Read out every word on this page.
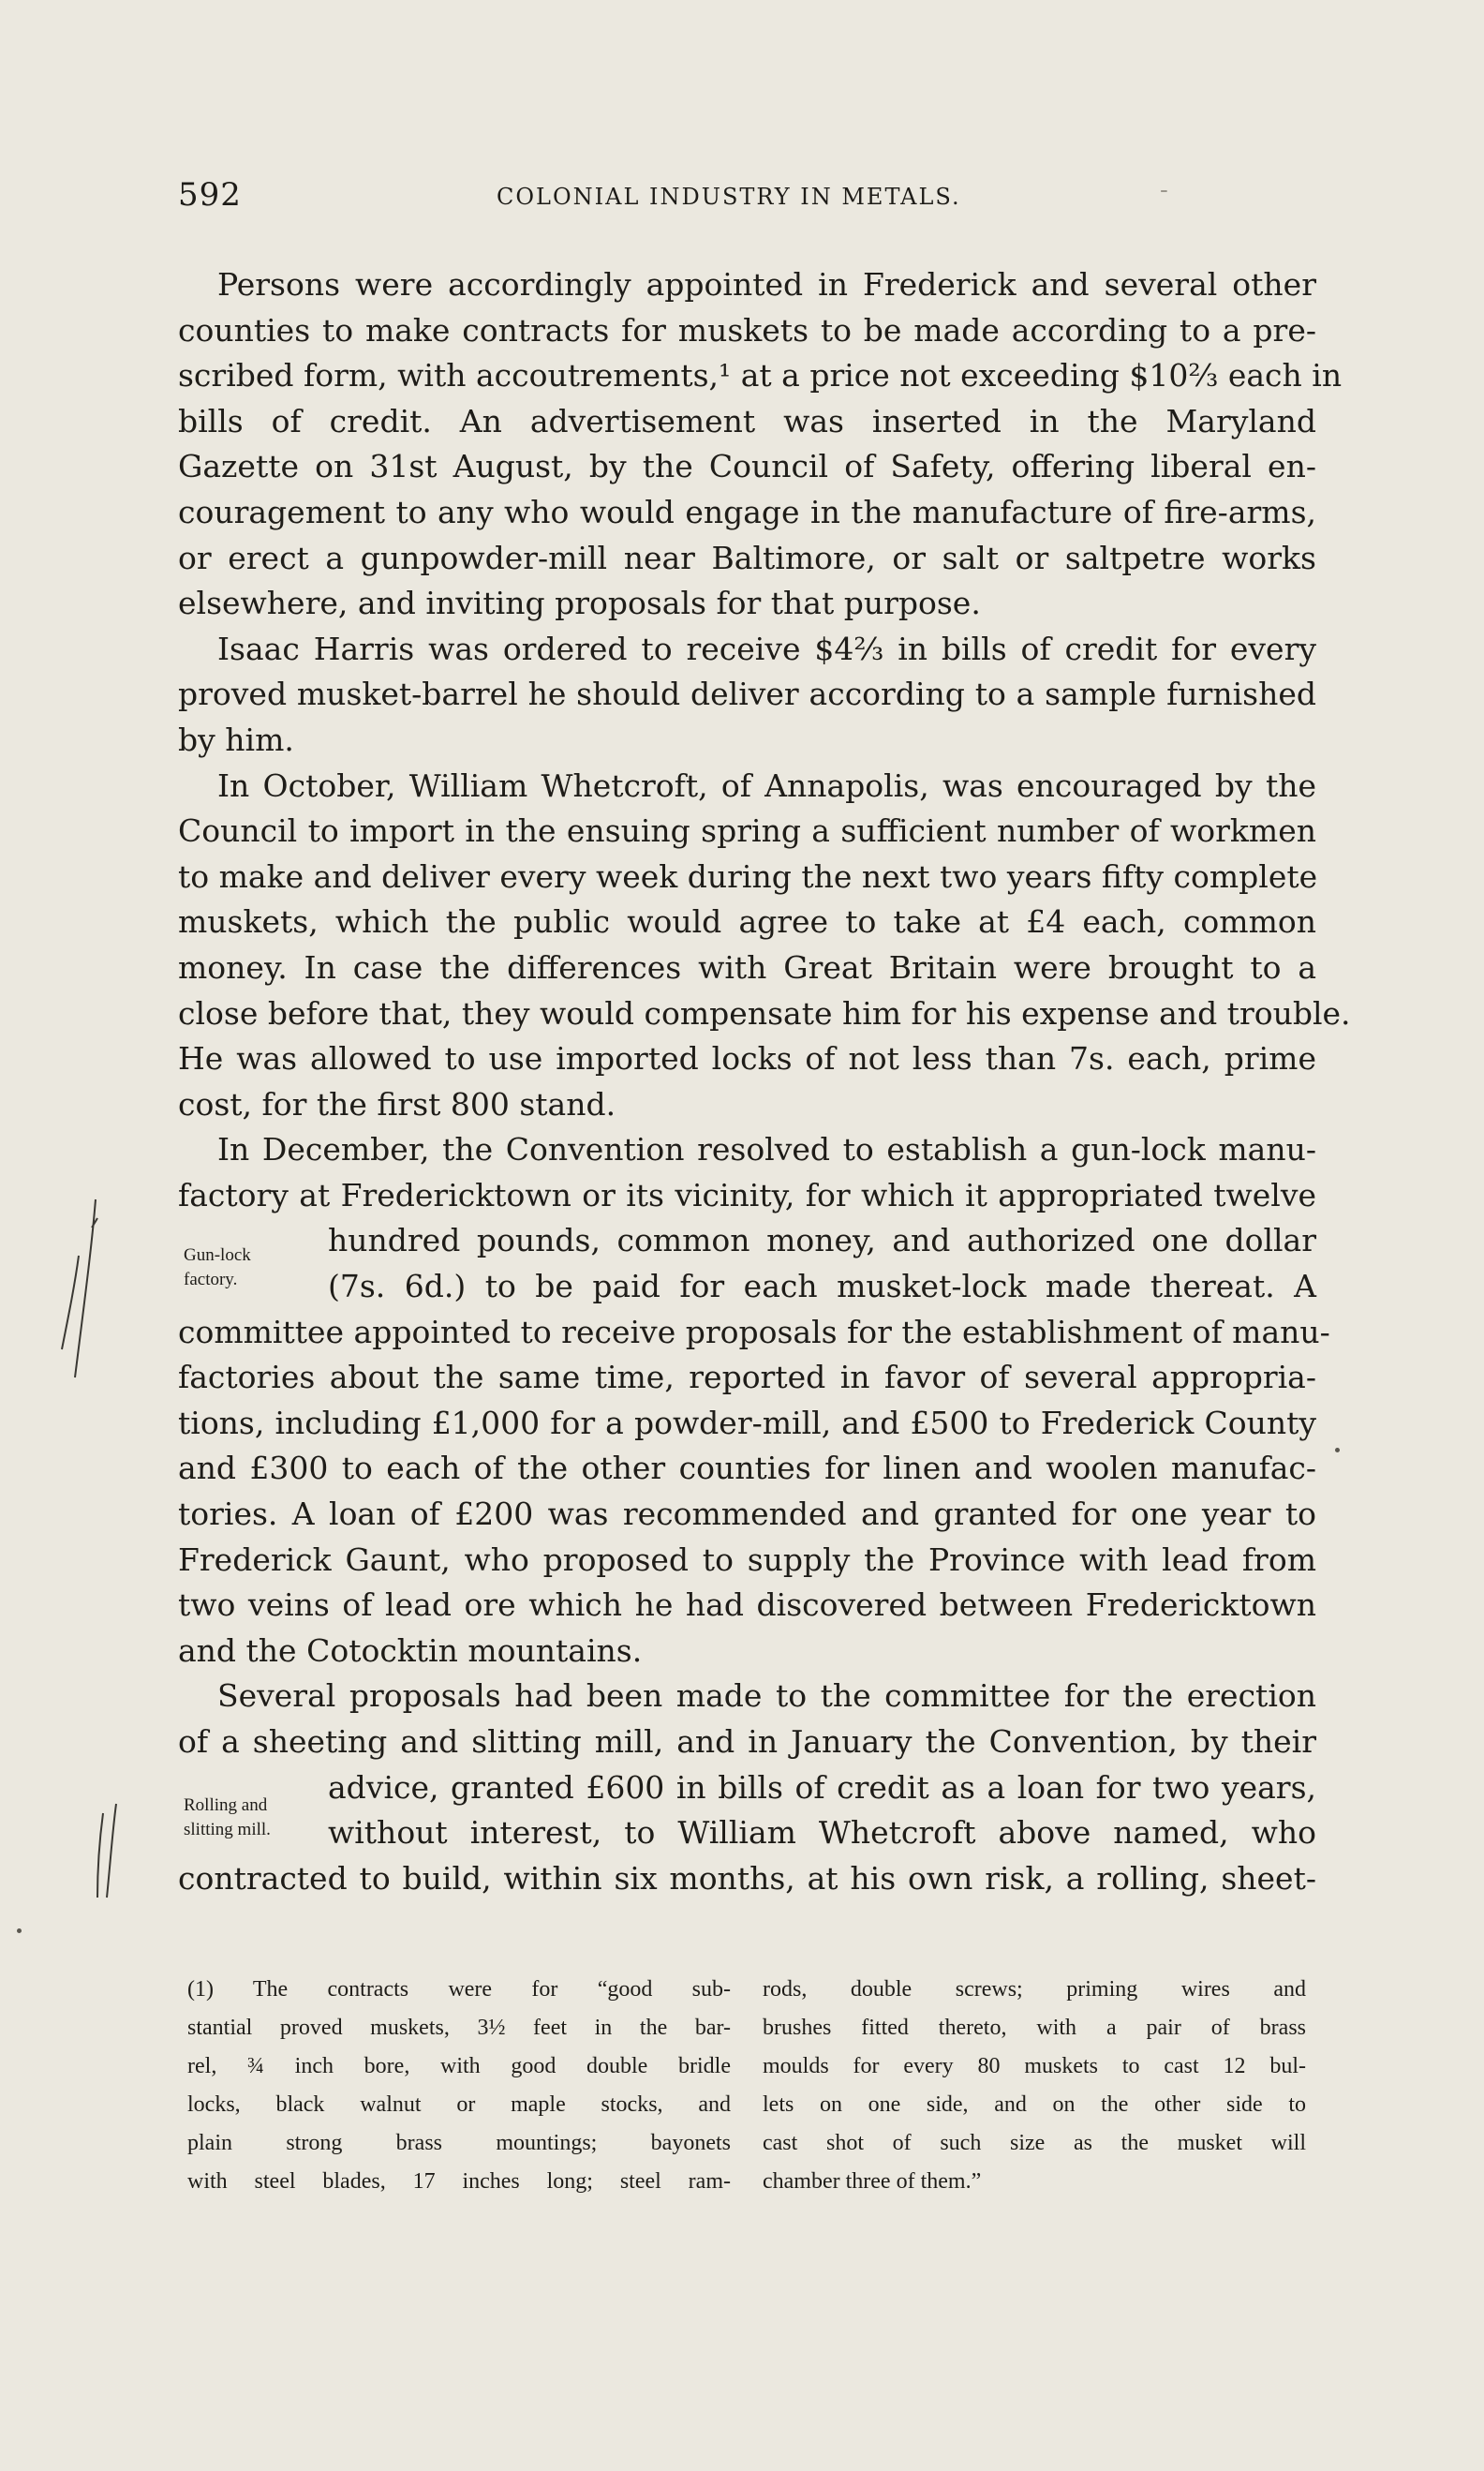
592	COLONIAL INDUSTRY IN METALS.	-
Persons were accordingly appointed in Frederick and several other
counties to make contracts for muskets to be made according to a pre-
scribed form, with accoutrements,¹ at a price not exceeding $10⅔ each in
bills of credit. An advertisement was inserted in the Maryland
Gazette on 31st August, by the Council of Safety, offering liberal en-
couragement to any who would engage in the manufacture of fire-arms,
or erect a gunpowder-mill near Baltimore, or salt or saltpetre works
elsewhere, and inviting proposals for that purpose.
Isaac Harris was ordered to receive $4⅔ in bills of credit for every
proved musket-barrel he should deliver according to a sample furnished
by him.
In October, William Whetcroft, of Annapolis, was encouraged by the
Council to import in the ensuing spring a sufficient number of workmen
to make and deliver every week during the next two years fifty complete
muskets, which the public would agree to take at £4 each, common
money. In case the differences with Great Britain were brought to a
close before that, they would compensate him for his expense and trouble.
He was allowed to use imported locks of not less than 7s. each, prime
cost, for the first 800 stand.
In December, the Convention resolved to establish a gun-lock manu-
factory at Fredericktown or its vicinity, for which it appropriated twelve
hundred pounds, common money, and authorized one dollar
(7s. 6d.) to be paid for each musket-lock made thereat. A
committee appointed to receive proposals for the establishment of manu-
factories about the same time, reported in favor of several appropria-
tions, including £1,000 for a powder-mill, and £500 to Frederick County
and £300 to each of the other counties for linen and woolen manufac-
tories. A loan of £200 was recommended and granted for one year to
Frederick Gaunt, who proposed to supply the Province with lead from
two veins of lead ore which he had discovered between Fredericktown
and the Cotocktin mountains.
Several proposals had been made to the committee for the erection
of a sheeting and slitting mill, and in January the Convention, by their
advice, granted £600 in bills of credit as a loan for two years,
without interest, to William Whetcroft above named, who
contracted to build, within six months, at his own risk, a rolling, sheet-
Gun-lock
factory.
Rolling and
slitting mill.
(1) The contracts were for “good sub-
stantial proved muskets, 3½ feet in the bar-
rel, ¾ inch bore, with good double bridle
locks, black walnut or maple stocks, and
plain strong brass mountings; bayonets
with steel blades, 17 inches long; steel ram-
rods, double screws; priming wires and
brushes fitted thereto, with a pair of brass
moulds for every 80 muskets to cast 12 bul-
lets on one side, and on the other side to
cast shot of such size as the musket will
chamber three of them.”
